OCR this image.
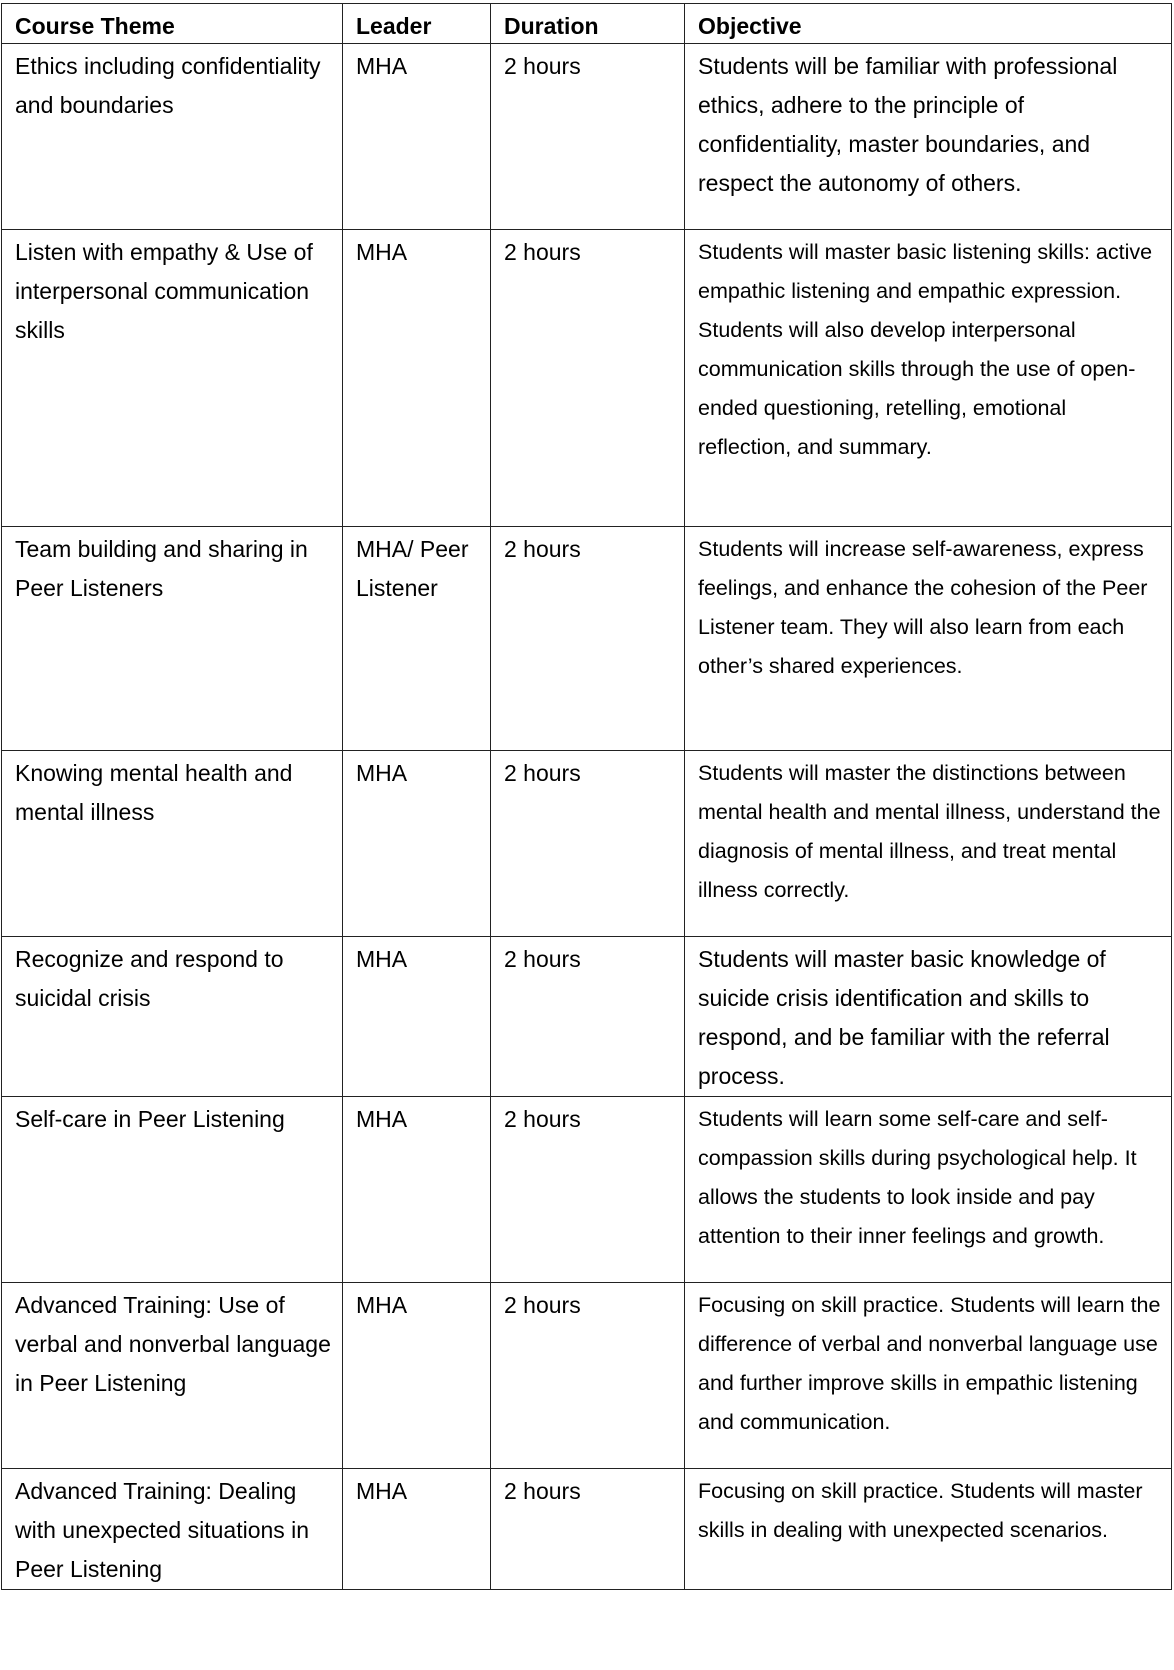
Course Theme	Leader	Duration	Objective
Ethics including confidentiality and boundaries	MHA	2 hours	Students will be familiar with professional ethics, adhere to the principle of confidentiality, master boundaries, and respect the autonomy of others.
Listen with empathy & Use of interpersonal communication skills	MHA	2 hours	Students will master basic listening skills: active empathic listening and empathic expression. Students will also develop interpersonal communication skills through the use of open-ended questioning, retelling, emotional reflection, and summary.
Team building and sharing in Peer Listeners	MHA/ Peer Listener	2 hours	Students will increase self-awareness, express feelings, and enhance the cohesion of the Peer Listener team. They will also learn from each other’s shared experiences.
Knowing mental health and mental illness	MHA	2 hours	Students will master the distinctions between mental health and mental illness, understand the diagnosis of mental illness, and treat mental illness correctly.
Recognize and respond to suicidal crisis	MHA	2 hours	Students will master basic knowledge of suicide crisis identification and skills to respond, and be familiar with the referral process.
Self-care in Peer Listening	MHA	2 hours	Students will learn some self-care and self-compassion skills during psychological help. It allows the students to look inside and pay attention to their inner feelings and growth.
Advanced Training: Use of verbal and nonverbal language in Peer Listening	MHA	2 hours	Focusing on skill practice. Students will learn the difference of verbal and nonverbal language use and further improve skills in empathic listening and communication.
Advanced Training: Dealing with unexpected situations in Peer Listening	MHA	2 hours	Focusing on skill practice. Students will master skills in dealing with unexpected scenarios.
